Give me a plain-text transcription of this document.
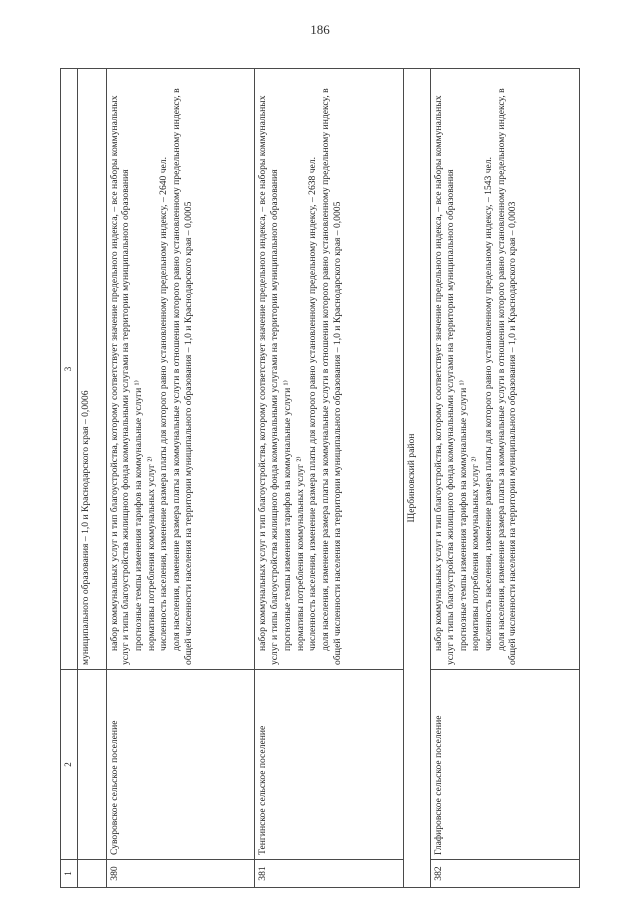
186
1	2	3

		муниципального образования – 1,0 и Краснодарского края – 0,0006

380	Суворовское сельское поселение	набор коммунальных услуг и тип благоустройства, которому соответствует значение предельного индекса, – все наборы коммунальных услуг и типы благоустройства жилищного фонда коммунальными услугами на территории муниципального образования прогнозные темпы изменения тарифов на коммунальные услуги ¹⁾ нормативы потребления коммунальных услуг ²⁾ численность населения, изменение размера платы для которого равно установленному предельному индексу, – 2640 чел. доля населения, изменение размера платы за коммунальные услуги в отношении которого равно установленному предельному индексу, в общей численности населения на территории муниципального образования – 1,0 и Краснодарского края – 0,0005

381	Тенгинское сельское поселение	набор коммунальных услуг и тип благоустройства, которому соответствует значение предельного индекса, – все наборы коммунальных услуг и типы благоустройства жилищного фонда коммунальными услугами на территории муниципального образования прогнозные темпы изменения тарифов на коммунальные услуги ¹⁾ нормативы потребления коммунальных услуг ²⁾ численность населения, изменение размера платы для которого равно установленному предельному индексу, – 2638 чел. доля населения, изменение размера платы за коммунальные услуги в отношении которого равно установленному предельному индексу, в общей численности населения на территории муниципального образования – 1,0 и Краснодарского края – 0,0005

Щербиновский район		
382	Глафировское сельское поселение	набор коммунальных услуг и тип благоустройства, которому соответствует значение предельного индекса, – все наборы коммунальных услуг и типы благоустройства жилищного фонда коммунальными услугами на территории муниципального образования прогнозные темпы изменения тарифов на коммунальные услуги ¹⁾ нормативы потребления коммунальных услуг ²⁾ численность населения, изменение размера платы для которого равно установленному предельному индексу, – 1543 чел. доля населения, изменение размера платы за коммунальные услуги в отношении которого равно установленному предельному индексу, в общей численности населения на территории муниципального образования – 1,0 и Краснодарского края – 0,0003
